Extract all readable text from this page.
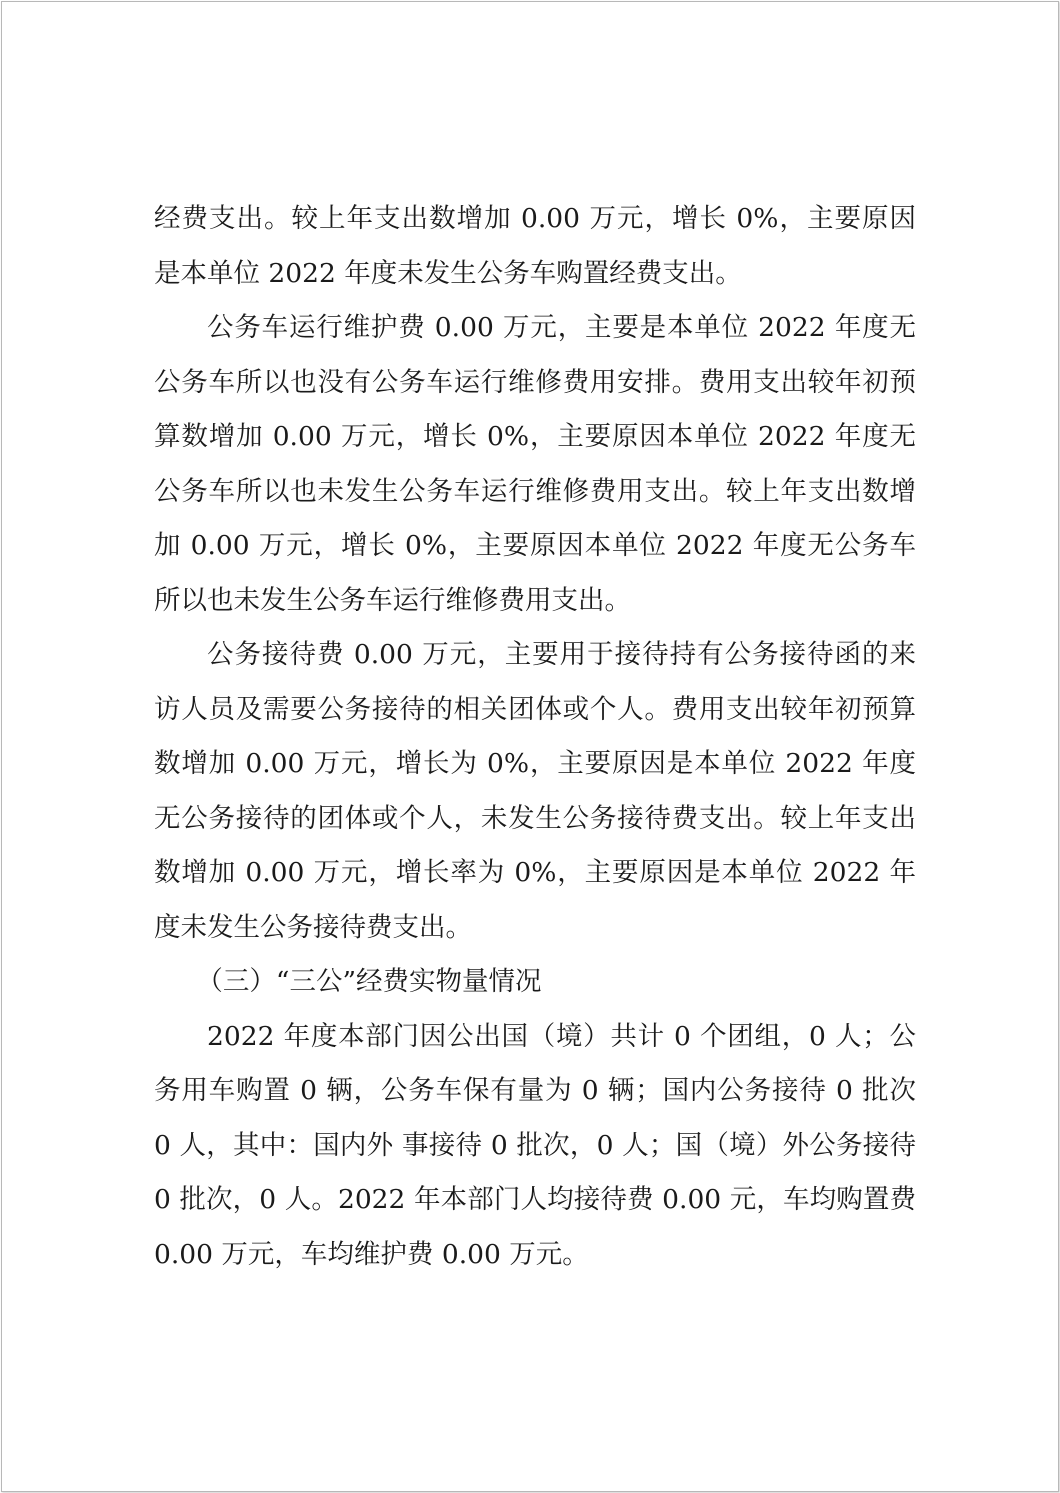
经费支出。较上年支出数增加 0.00 万元，增长 0%，主要原因是本单位 2022 年度未发生公务车购置经费支出。

公务车运行维护费 0.00 万元，主要是本单位 2022 年度无公务车所以也没有公务车运行维修费用安排。费用支出较年初预算数增加 0.00 万元，增长 0%，主要原因本单位 2022 年度无公务车所以也未发生公务车运行维修费用支出。较上年支出数增加 0.00 万元，增长 0%，主要原因本单位 2022 年度无公务车所以也未发生公务车运行维修费用支出。

公务接待费 0.00 万元，主要用于接待持有公务接待函的来访人员及需要公务接待的相关团体或个人。费用支出较年初预算数增加 0.00 万元，增长为 0%，主要原因是本单位 2022 年度无公务接待的团体或个人，未发生公务接待费支出。较上年支出数增加 0.00 万元，增长率为 0%，主要原因是本单位 2022 年度未发生公务接待费支出。

（三）“三公”经费实物量情况

2022 年度本部门因公出国（境）共计 0 个团组，0 人；公务用车购置 0 辆，公务车保有量为 0 辆；国内公务接待 0 批次 0 人，其中：国内外 事接待 0 批次，0 人；国（境）外公务接待 0 批次，0 人。2022 年本部门人均接待费 0.00 元，车均购置费 0.00 万元，车均维护费 0.00 万元。
